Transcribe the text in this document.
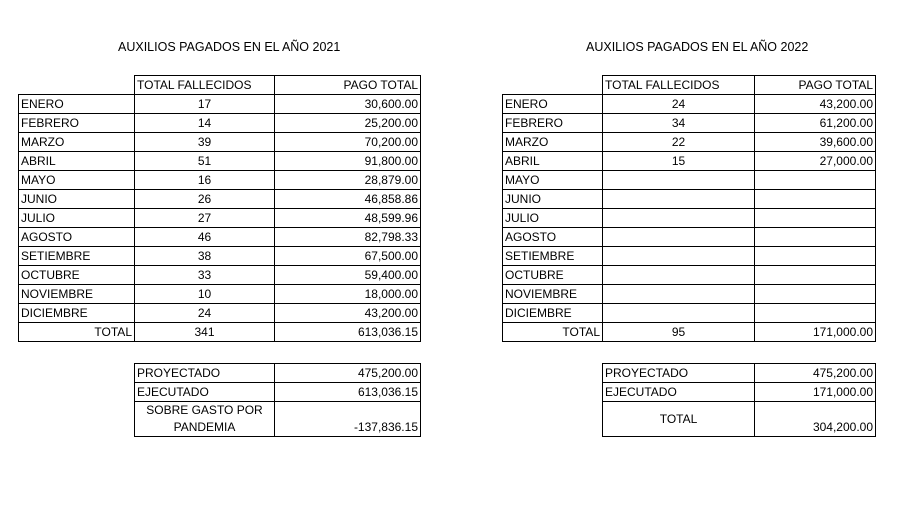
AUXILIOS PAGADOS EN EL AÑO 2021
	TOTAL FALLECIDOS	PAGO TOTAL
ENERO	17	30,600.00
FEBRERO	14	25,200.00
MARZO	39	70,200.00
ABRIL	51	91,800.00
MAYO	16	28,879.00
JUNIO	26	46,858.86
JULIO	27	48,599.96
AGOSTO	46	82,798.33
SETIEMBRE	38	67,500.00
OCTUBRE	33	59,400.00
NOVIEMBRE	10	18,000.00
DICIEMBRE	24	43,200.00
TOTAL	341	613,036.15
PROYECTADO	475,200.00
EJECUTADO	613,036.15

SOBRE GASTO POR
PANDEMIA	-137,836.15
AUXILIOS PAGADOS EN EL AÑO 2022
	TOTAL FALLECIDOS	PAGO TOTAL
ENERO	24	43,200.00
FEBRERO	34	61,200.00
MARZO	22	39,600.00
ABRIL	15	27,000.00
MAYO		
JUNIO		
JULIO		
AGOSTO		
SETIEMBRE		
OCTUBRE		
NOVIEMBRE		
DICIEMBRE		
TOTAL	95	171,000.00
PROYECTADO	475,200.00
EJECUTADO	171,000.00
TOTAL	304,200.00
